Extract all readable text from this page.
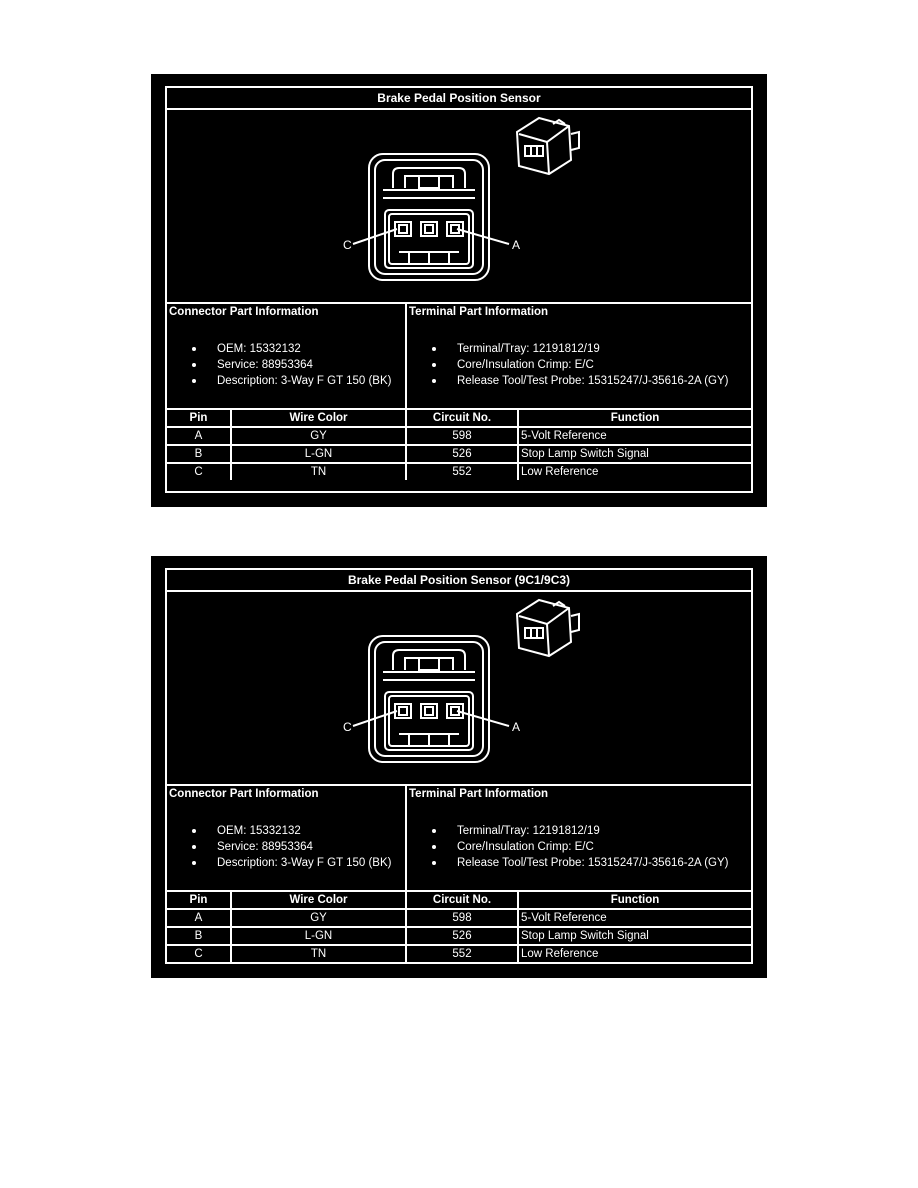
Brake Pedal Position Sensor
C	A
Connector Part Information
OEM: 15332132
Service: 88953364
Description: 3-Way F GT 150 (BK)
Terminal Part Information
Terminal/Tray: 12191812/19
Core/Insulation Crimp: E/C
Release Tool/Test Probe: 15315247/J-35616-2A (GY)
Pin	Wire Color	Circuit No.	Function
A	GY	598	5-Volt Reference
B	L-GN	526	Stop Lamp Switch Signal
C	TN	552	Low Reference
Brake Pedal Position Sensor (9C1/9C3)
C	A
Connector Part Information
OEM: 15332132
Service: 88953364
Description: 3-Way F GT 150 (BK)
Terminal Part Information
Terminal/Tray: 12191812/19
Core/Insulation Crimp: E/C
Release Tool/Test Probe: 15315247/J-35616-2A (GY)
Pin	Wire Color	Circuit No.	Function
A	GY	598	5-Volt Reference
B	L-GN	526	Stop Lamp Switch Signal
C	TN	552	Low Reference
